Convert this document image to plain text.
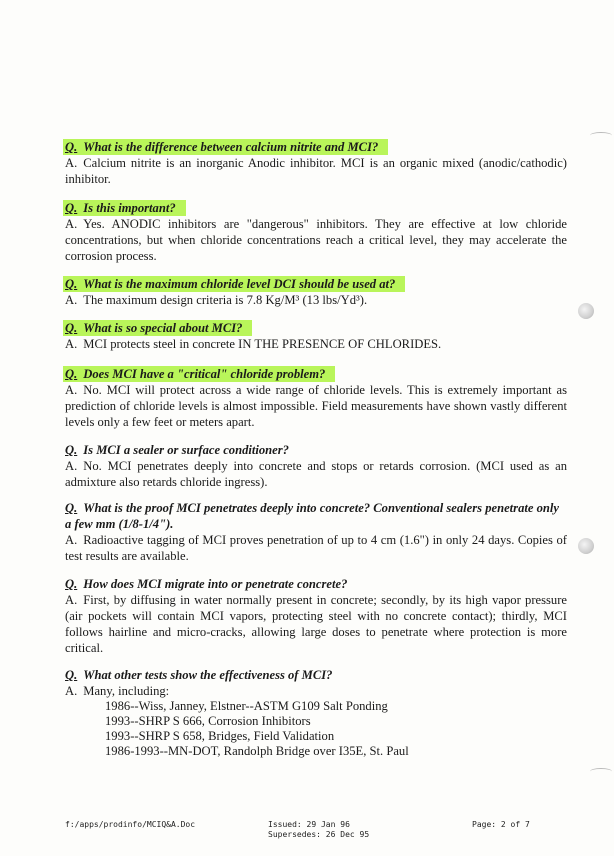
Q. What is the difference between calcium nitrite and MCI?

A. Calcium nitrite is an inorganic Anodic inhibitor. MCI is an organic mixed (anodic/cathodic) inhibitor.

Q. Is this important?

A. Yes. ANODIC inhibitors are "dangerous" inhibitors. They are effective at low chloride concentrations, but when chloride concentrations reach a critical level, they may accelerate the corrosion process.

Q. What is the maximum chloride level DCI should be used at?

A. The maximum design criteria is 7.8 Kg/M³ (13 lbs/Yd³).

Q. What is so special about MCI?

A. MCI protects steel in concrete IN THE PRESENCE OF CHLORIDES.

Q. Does MCI have a "critical" chloride problem?

A. No. MCI will protect across a wide range of chloride levels. This is extremely important as prediction of chloride levels is almost impossible. Field measurements have shown vastly different levels only a few feet or meters apart.

Q. Is MCI a sealer or surface conditioner?

A. No. MCI penetrates deeply into concrete and stops or retards corrosion. (MCI used as an admixture also retards chloride ingress).

Q. What is the proof MCI penetrates deeply into concrete? Conventional sealers penetrate only a few mm (1/8-1/4").

A. Radioactive tagging of MCI proves penetration of up to 4 cm (1.6") in only 24 days. Copies of test results are available.

Q. How does MCI migrate into or penetrate concrete?

A. First, by diffusing in water normally present in concrete; secondly, by its high vapor pressure (air pockets will contain MCI vapors, protecting steel with no concrete contact); thirdly, MCI follows hairline and micro-cracks, allowing large doses to penetrate where protection is more critical.

Q. What other tests show the effectiveness of MCI?

A. Many, including:

1986--Wiss, Janney, Elstner--ASTM G109 Salt Ponding
1993--SHRP S 666, Corrosion Inhibitors
1993--SHRP S 658, Bridges, Field Validation
1986-1993--MN-DOT, Randolph Bridge over I35E, St. Paul
f:/apps/prodinfo/MCIQ&A.Doc	Issued: 29 Jan 96
Supersedes: 26 Dec 95
Page: 2 of 7
